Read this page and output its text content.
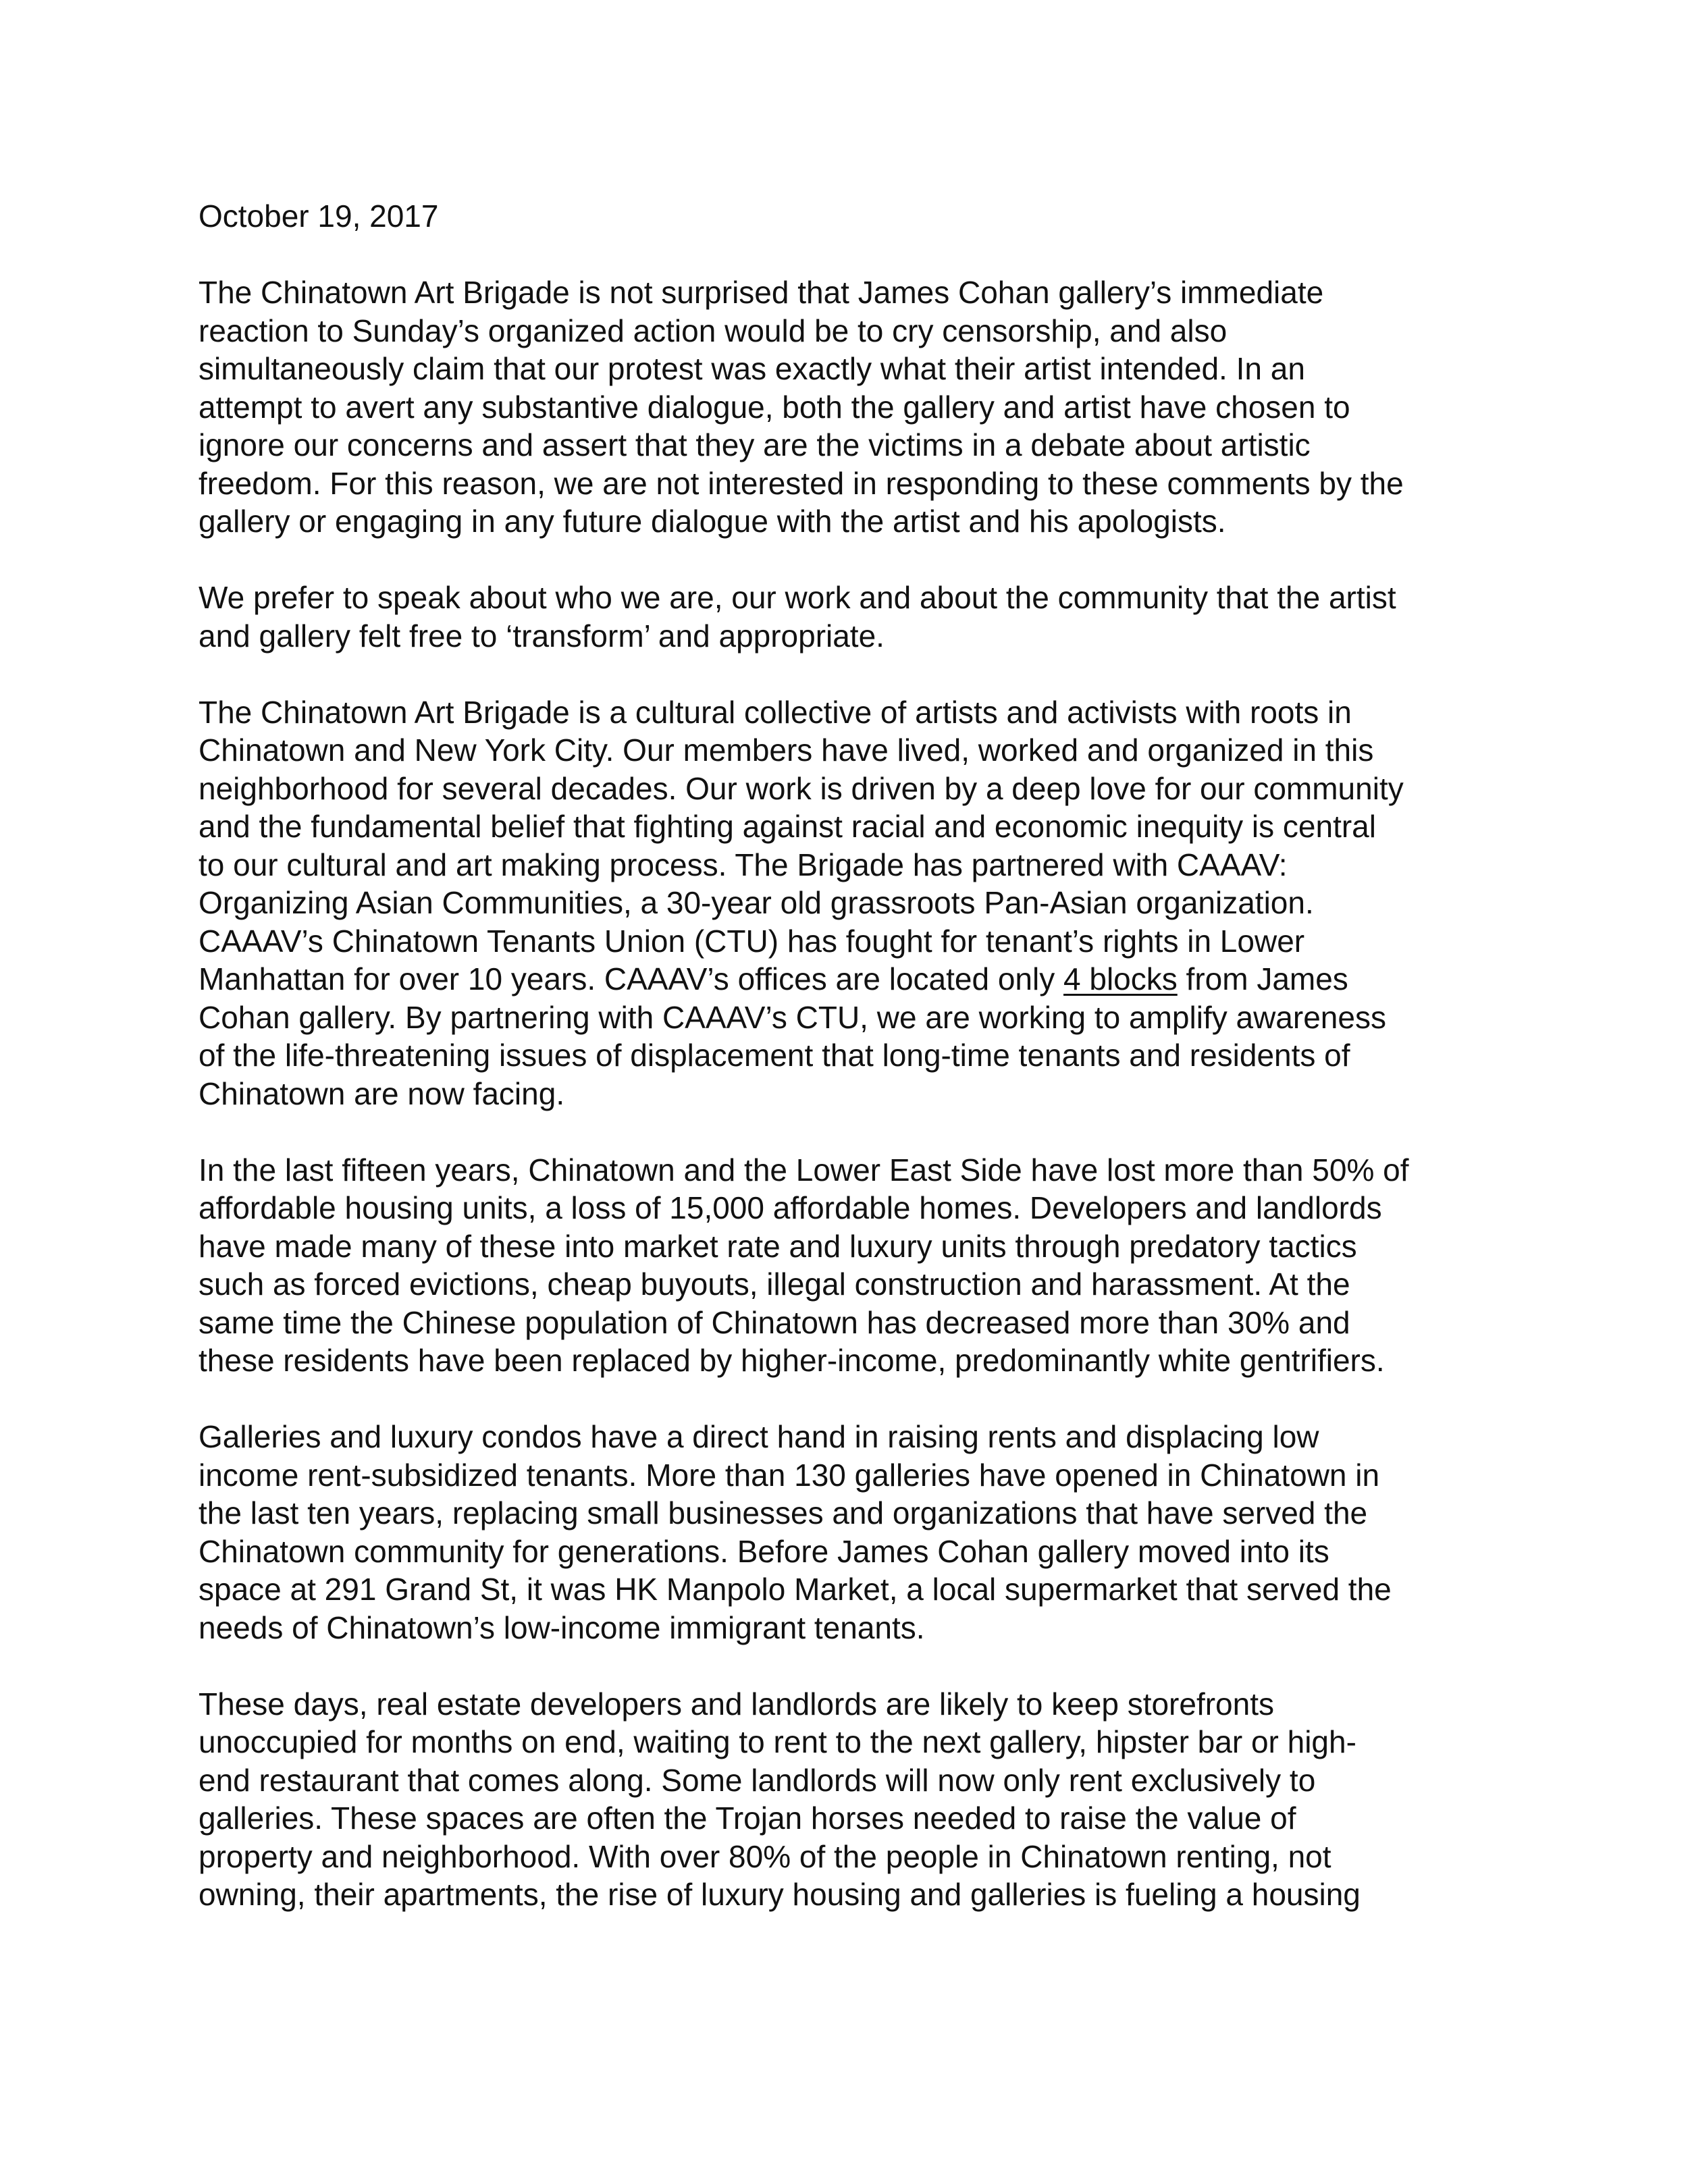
October 19, 2017
The Chinatown Art Brigade is not surprised that James Cohan gallery’s immediate
reaction to Sunday’s organized action would be to cry censorship, and also
simultaneously claim that our protest was exactly what their artist intended. In an
attempt to avert any substantive dialogue, both the gallery and artist have chosen to
ignore our concerns and assert that they are the victims in a debate about artistic
freedom. For this reason, we are not interested in responding to these comments by the
gallery or engaging in any future dialogue with the artist and his apologists.
We prefer to speak about who we are, our work and about the community that the artist
and gallery felt free to ‘transform’ and appropriate.
The Chinatown Art Brigade is a cultural collective of artists and activists with roots in
Chinatown and New York City. Our members have lived, worked and organized in this
neighborhood for several decades. Our work is driven by a deep love for our community
and the fundamental belief that fighting against racial and economic inequity is central
to our cultural and art making process. The Brigade has partnered with CAAAV:
Organizing Asian Communities, a 30-year old grassroots Pan-Asian organization.
CAAAV’s Chinatown Tenants Union (CTU) has fought for tenant’s rights in Lower
Manhattan for over 10 years. CAAAV’s offices are located only 4 blocks from James
Cohan gallery. By partnering with CAAAV’s CTU, we are working to amplify awareness
of the life-threatening issues of displacement that long-time tenants and residents of
Chinatown are now facing.
In the last fifteen years, Chinatown and the Lower East Side have lost more than 50% of
affordable housing units, a loss of 15,000 affordable homes. Developers and landlords
have made many of these into market rate and luxury units through predatory tactics
such as forced evictions, cheap buyouts, illegal construction and harassment. At the
same time the Chinese population of Chinatown has decreased more than 30% and
these residents have been replaced by higher-income, predominantly white gentrifiers.
Galleries and luxury condos have a direct hand in raising rents and displacing low
income rent-subsidized tenants. More than 130 galleries have opened in Chinatown in
the last ten years, replacing small businesses and organizations that have served the
Chinatown community for generations. Before James Cohan gallery moved into its
space at 291 Grand St, it was HK Manpolo Market, a local supermarket that served the
needs of Chinatown’s low-income immigrant tenants.
These days, real estate developers and landlords are likely to keep storefronts
unoccupied for months on end, waiting to rent to the next gallery, hipster bar or high-
end restaurant that comes along. Some landlords will now only rent exclusively to
galleries. These spaces are often the Trojan horses needed to raise the value of
property and neighborhood. With over 80% of the people in Chinatown renting, not
owning, their apartments, the rise of luxury housing and galleries is fueling a housing
